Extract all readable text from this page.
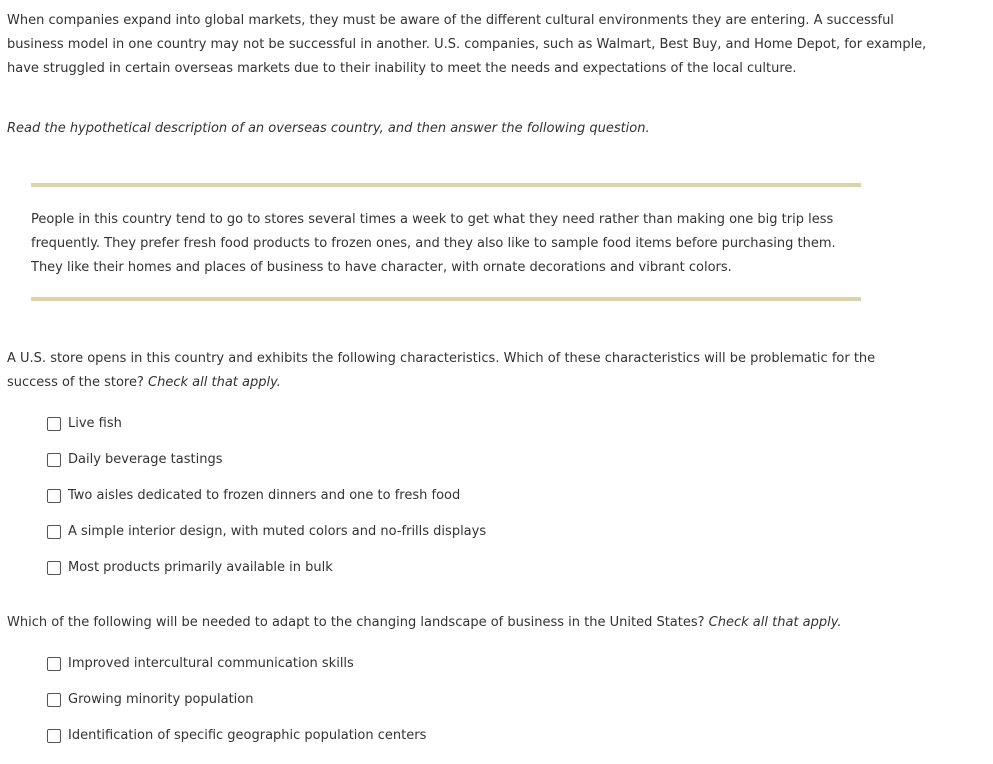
When companies expand into global markets, they must be aware of the different cultural environments they are entering. A successful business model in one country may not be successful in another. U.S. companies, such as Walmart, Best Buy, and Home Depot, for example, have struggled in certain overseas markets due to their inability to meet the needs and expectations of the local culture.

Read the hypothetical description of an overseas country, and then answer the following question.

People in this country tend to go to stores several times a week to get what they need rather than making one big trip less frequently. They prefer fresh food products to frozen ones, and they also like to sample food items before purchasing them. They like their homes and places of business to have character, with ornate decorations and vibrant colors.

A U.S. store opens in this country and exhibits the following characteristics. Which of these characteristics will be problematic for the success of the store? Check all that apply.

Live fish
Daily beverage tastings
Two aisles dedicated to frozen dinners and one to fresh food
A simple interior design, with muted colors and no-frills displays
Most products primarily available in bulk

Which of the following will be needed to adapt to the changing landscape of business in the United States? Check all that apply.

Improved intercultural communication skills
Growing minority population
Identification of specific geographic population centers
